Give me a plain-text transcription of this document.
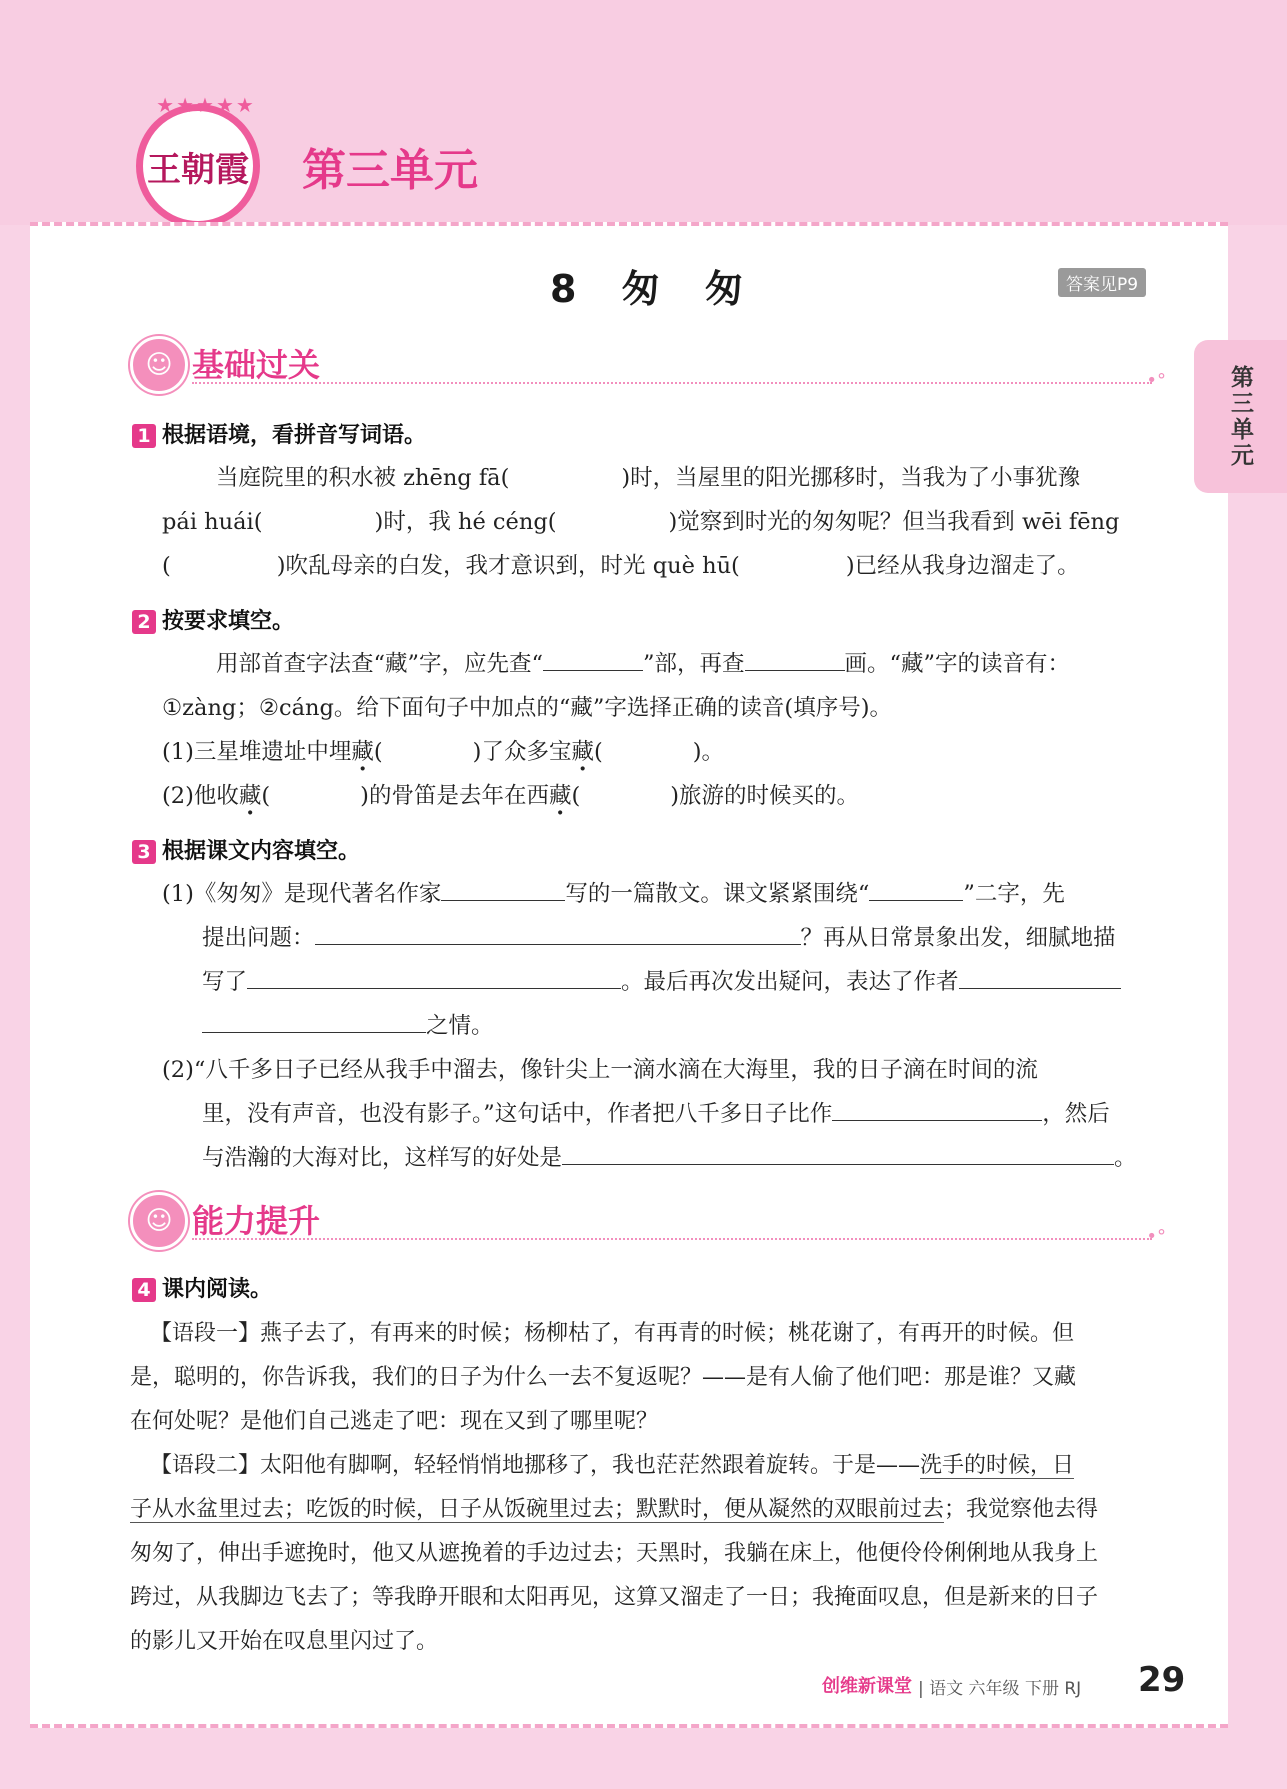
★★★★★
王朝霞 第三单元
第三单元
8 匆 匆	答案见P9
☺ 基础过关	•°
1 根据语境，看拼音写词语。
当庭院里的积水被 zhēng fā(	)时，当屋里的阳光挪移时，当我为了小事犹豫
pái huái(	)时，我 hé céng(	)觉察到时光的匆匆呢？但当我看到 wēi fēng
(	)吹乱母亲的白发，我才意识到，时光 què hū(	)已经从我身边溜走了。
2 按要求填空。
用部首查字法查“藏”字，应先查“	”部，再查	画。“藏”字的读音有：
①zàng；②cáng。给下面句子中加点的“藏”字选择正确的读音(填序号)。
(1)三星堆遗址中埋藏(	)了众多宝藏(	)。
(2)他收藏(	)的骨笛是去年在西藏(	)旅游的时候买的。
3 根据课文内容填空。
(1)《匆匆》是现代著名作家	写的一篇散文。课文紧紧围绕“	”二字，先
提出问题：	？再从日常景象出发，细腻地描
写了	。最后再次发出疑问，表达了作者
之情。
(2)“八千多日子已经从我手中溜去，像针尖上一滴水滴在大海里，我的日子滴在时间的流
里，没有声音，也没有影子。”这句话中，作者把八千多日子比作	，然后
与浩瀚的大海对比，这样写的好处是	。
☺ 能力提升	•°
4 课内阅读。
【语段一】燕子去了，有再来的时候；杨柳枯了，有再青的时候；桃花谢了，有再开的时候。但
是，聪明的，你告诉我，我们的日子为什么一去不复返呢？——是有人偷了他们吧：那是谁？又藏
在何处呢？是他们自己逃走了吧：现在又到了哪里呢？
【语段二】太阳他有脚啊，轻轻悄悄地挪移了，我也茫茫然跟着旋转。于是——洗手的时候，日
子从水盆里过去；吃饭的时候，日子从饭碗里过去；默默时，便从凝然的双眼前过去；我觉察他去得
匆匆了，伸出手遮挽时，他又从遮挽着的手边过去；天黑时，我躺在床上，他便伶伶俐俐地从我身上
跨过，从我脚边飞去了；等我睁开眼和太阳再见，这算又溜走了一日；我掩面叹息，但是新来的日子
的影儿又开始在叹息里闪过了。
创维新课堂 | 语文 六年级 下册 RJ 29
